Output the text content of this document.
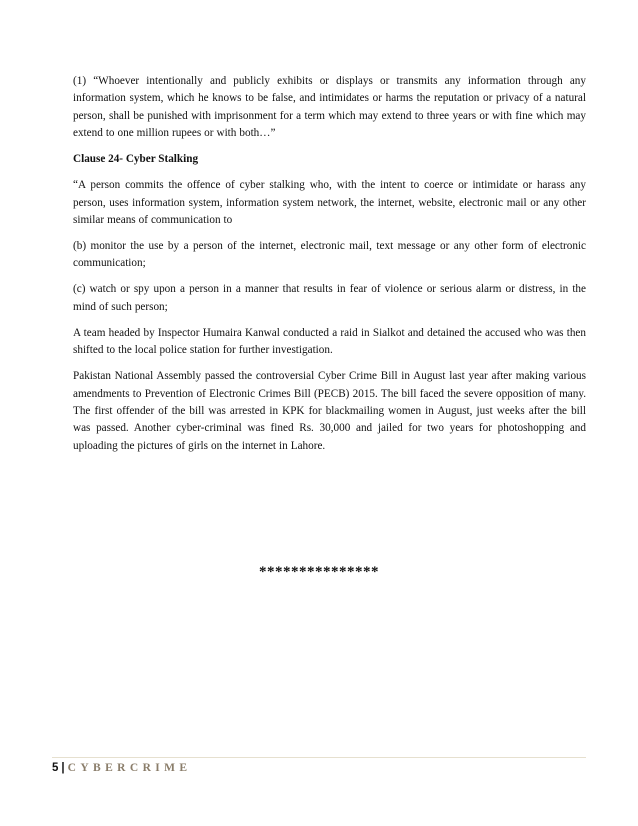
(1) “Whoever intentionally and publicly exhibits or displays or transmits any information through any information system, which he knows to be false, and intimidates or harms the reputation or privacy of a natural person, shall be punished with imprisonment for a term which may extend to three years or with fine which may extend to one million rupees or with both…”

Clause 24- Cyber Stalking

“A person commits the offence of cyber stalking who, with the intent to coerce or intimidate or harass any person, uses information system, information system network, the internet, website, electronic mail or any other similar means of communication to

(b) monitor the use by a person of the internet, electronic mail, text message or any other form of electronic communication;

(c) watch or spy upon a person in a manner that results in fear of violence or serious alarm or distress, in the mind of such person;

A team headed by Inspector Humaira Kanwal conducted a raid in Sialkot and detained the accused who was then shifted to the local police station for further investigation.

Pakistan National Assembly passed the controversial Cyber Crime Bill in August last year after making various amendments to Prevention of Electronic Crimes Bill (PECB) 2015. The bill faced the severe opposition of many. The first offender of the bill was arrested in KPK for blackmailing women in August, just weeks after the bill was passed. Another cyber-criminal was fined Rs. 30,000 and jailed for two years for photoshopping and uploading the pictures of girls on the internet in Lahore.

***************
5 | CYBERCRIME
